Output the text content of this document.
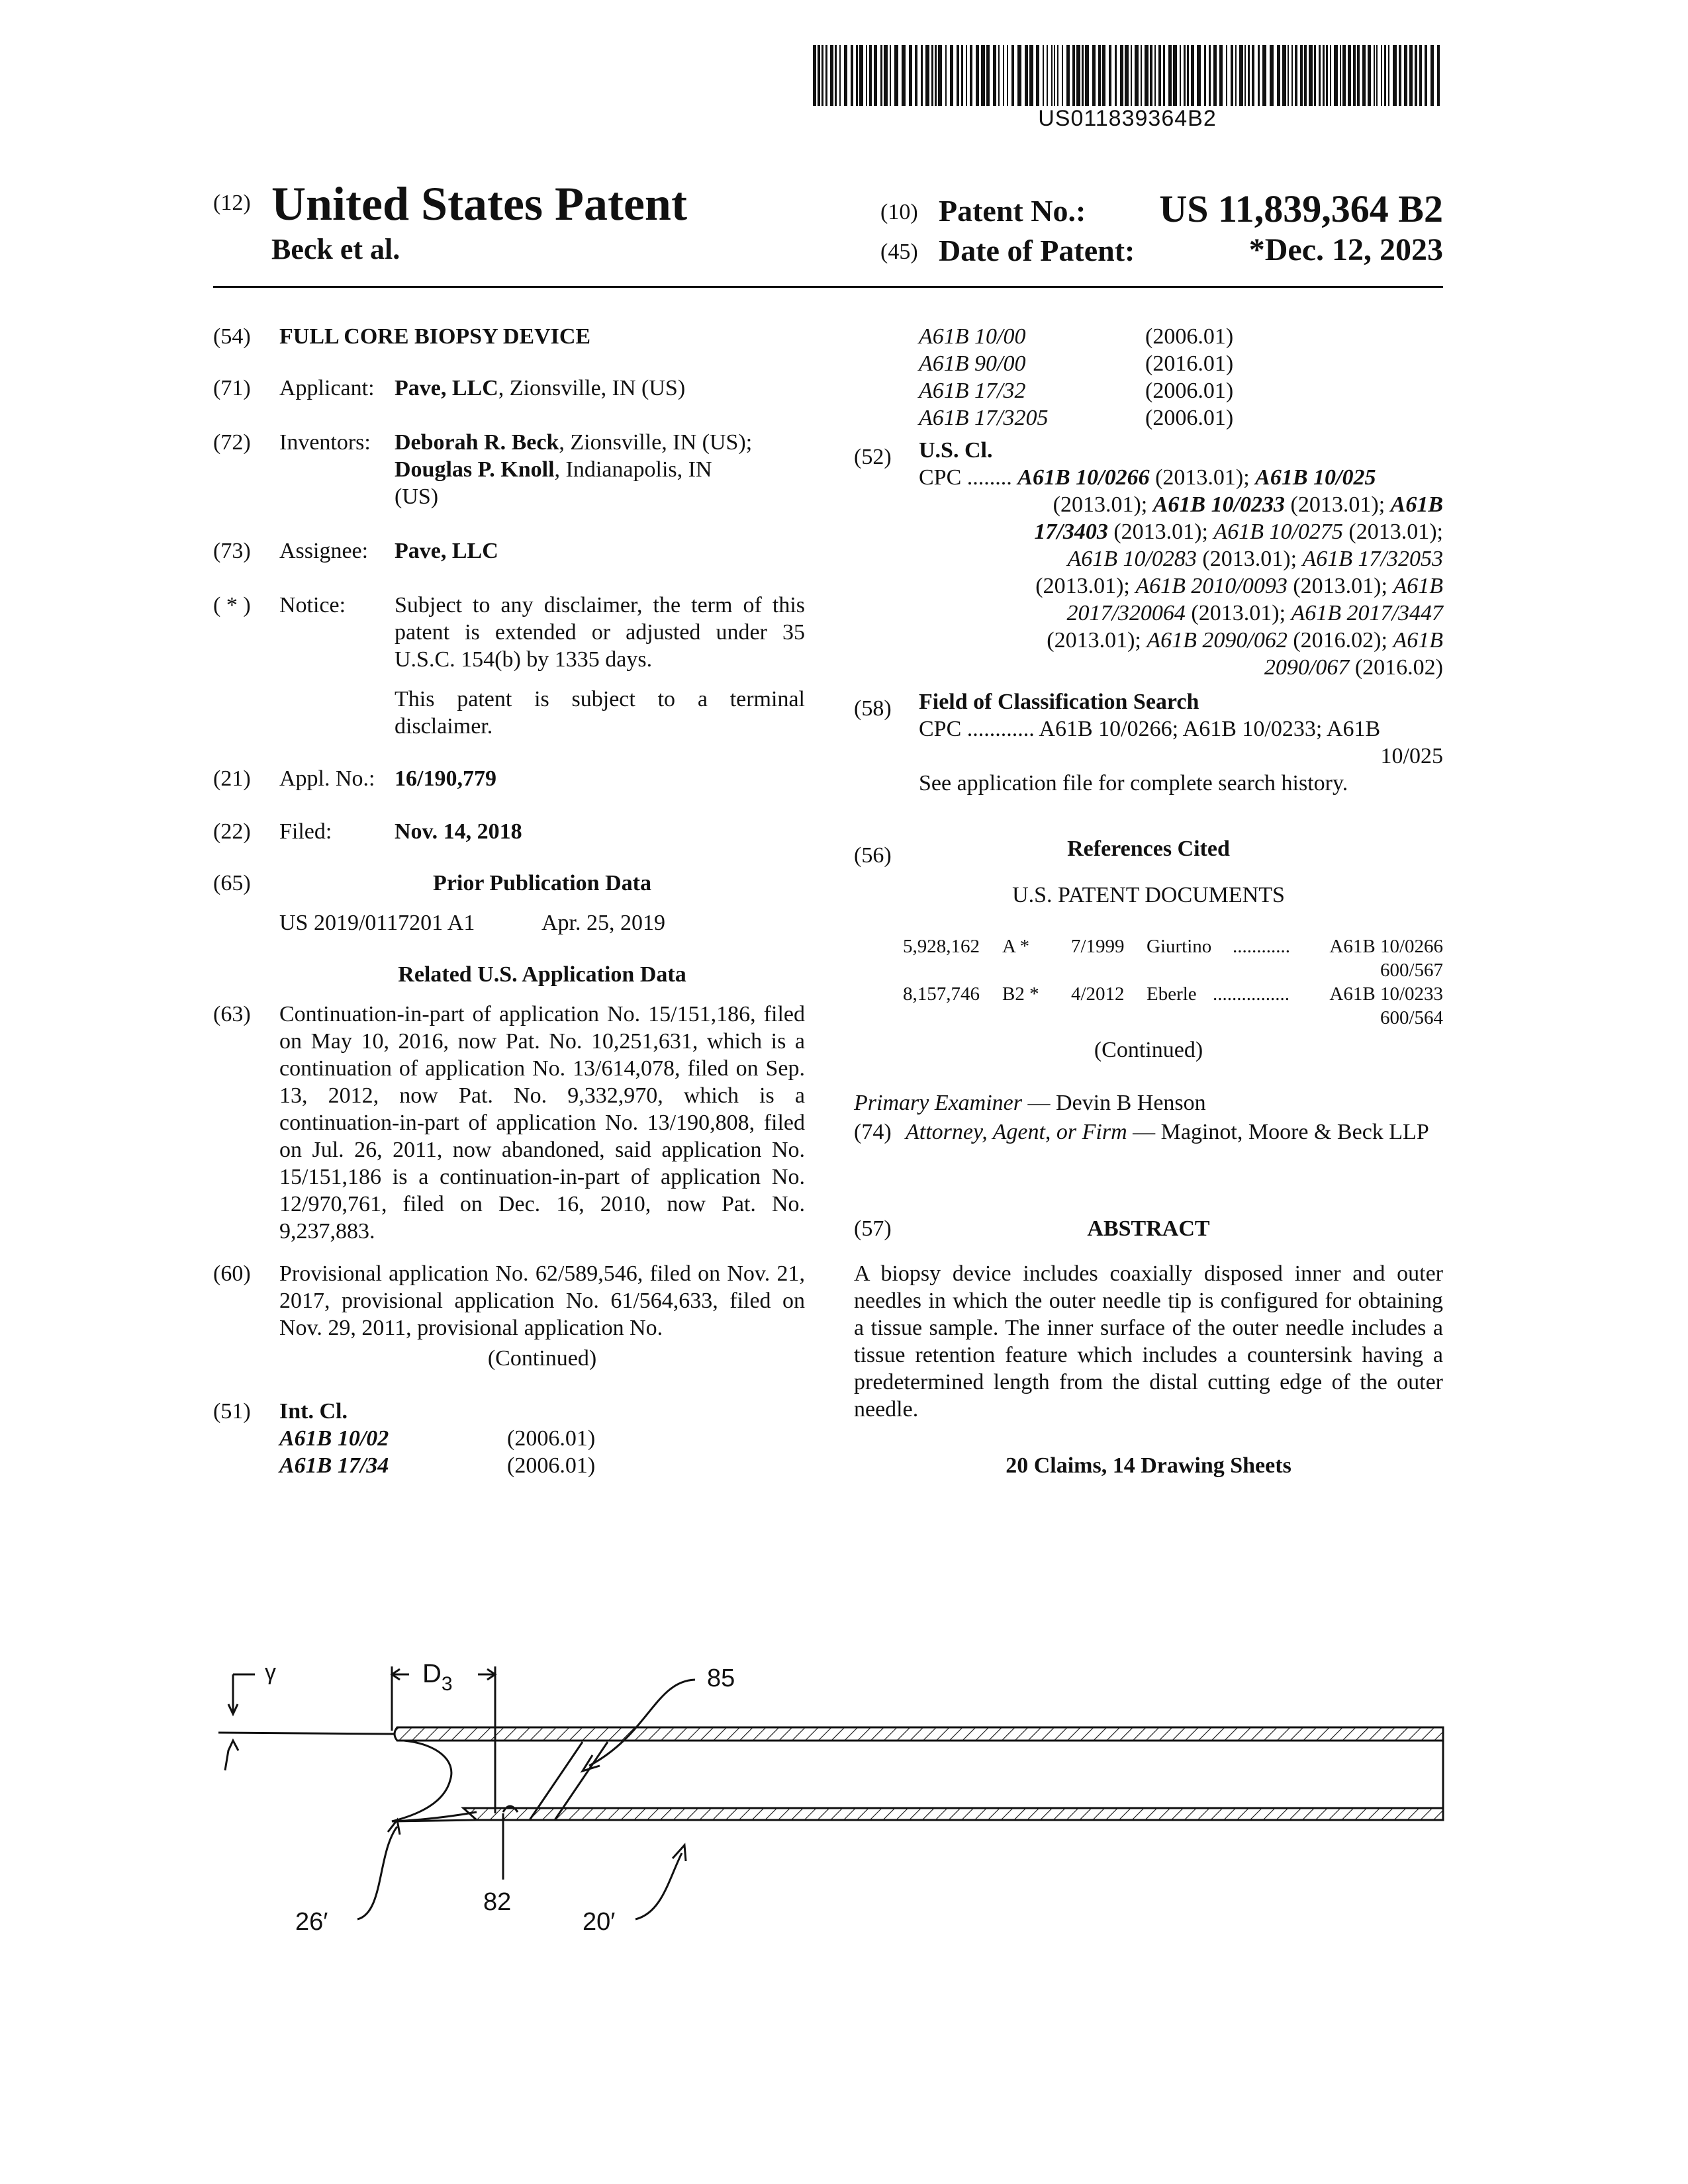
US011839364B2
(12) United States Patent
Beck et al.
(10) Patent No.:	US 11,839,364 B2
(45) Date of Patent:	*Dec. 12, 2023
(54) FULL CORE BIOPSY DEVICE
(71) Applicant: Pave, LLC, Zionsville, IN (US)
(72) Inventors: Deborah R. Beck, Zionsville, IN (US);
Douglas P. Knoll, Indianapolis, IN
(US)
(73) Assignee: Pave, LLC
( * ) Notice: Subject to any disclaimer, the term of this patent is extended or adjusted under 35 U.S.C. 154(b) by 1335 days.
This patent is subject to a terminal disclaimer.
(21) Appl. No.: 16/190,779
(22) Filed:	Nov. 14, 2018
(65)	Prior Publication Data
US 2019/0117201 A1	Apr. 25, 2019
Related U.S. Application Data
(63) Continuation-in-part of application No. 15/151,186, filed on May 10, 2016, now Pat. No. 10,251,631, which is a continuation of application No. 13/614,078, filed on Sep. 13, 2012, now Pat. No. 9,332,970, which is a continuation-in-part of application No. 13/190,808, filed on Jul. 26, 2011, now abandoned, said application No. 15/151,186 is a continuation-in-part of application No. 12/970,761, filed on Dec. 16, 2010, now Pat. No. 9,237,883.
(60) Provisional application No. 62/589,546, filed on Nov. 21, 2017, provisional application No. 61/564,633, filed on Nov. 29, 2011, provisional application No.
(Continued)
(51) Int. Cl.
A61B 10/02	(2006.01)
A61B 17/34	(2006.01)
A61B 10/00	(2006.01)
A61B 90/00	(2016.01)
A61B 17/32	(2006.01)
A61B 17/3205	(2006.01)
(52) U.S. Cl.
CPC ........ A61B 10/0266 (2013.01); A61B 10/025
(2013.01); A61B 10/0233 (2013.01); A61B
17/3403 (2013.01); A61B 10/0275 (2013.01);
A61B 10/0283 (2013.01); A61B 17/32053
(2013.01); A61B 2010/0093 (2013.01); A61B
2017/320064 (2013.01); A61B 2017/3447
(2013.01); A61B 2090/062 (2016.02); A61B
2090/067 (2016.02)
(58) Field of Classification Search
CPC ............ A61B 10/0266; A61B 10/0233; A61B
10/025
See application file for complete search history.
(56)	References Cited
U.S. PATENT DOCUMENTS
5,928,162 A * 7/1999 Giurtino ............	A61B 10/0266
600/567
8,157,746 B2 * 4/2012 Eberle ................	A61B 10/0233
600/564
(Continued)
Primary Examiner — Devin B Henson
(74) Attorney, Agent, or Firm — Maginot, Moore & Beck LLP
(57)	ABSTRACT
A biopsy device includes coaxially disposed inner and outer needles in which the outer needle tip is configured for obtaining a tissue sample. The inner surface of the outer needle includes a tissue retention feature which includes a countersink having a predetermined length from the distal cutting edge of the outer needle.
20 Claims, 14 Drawing Sheets
γ	$D_3$	85
82
26′	20′
